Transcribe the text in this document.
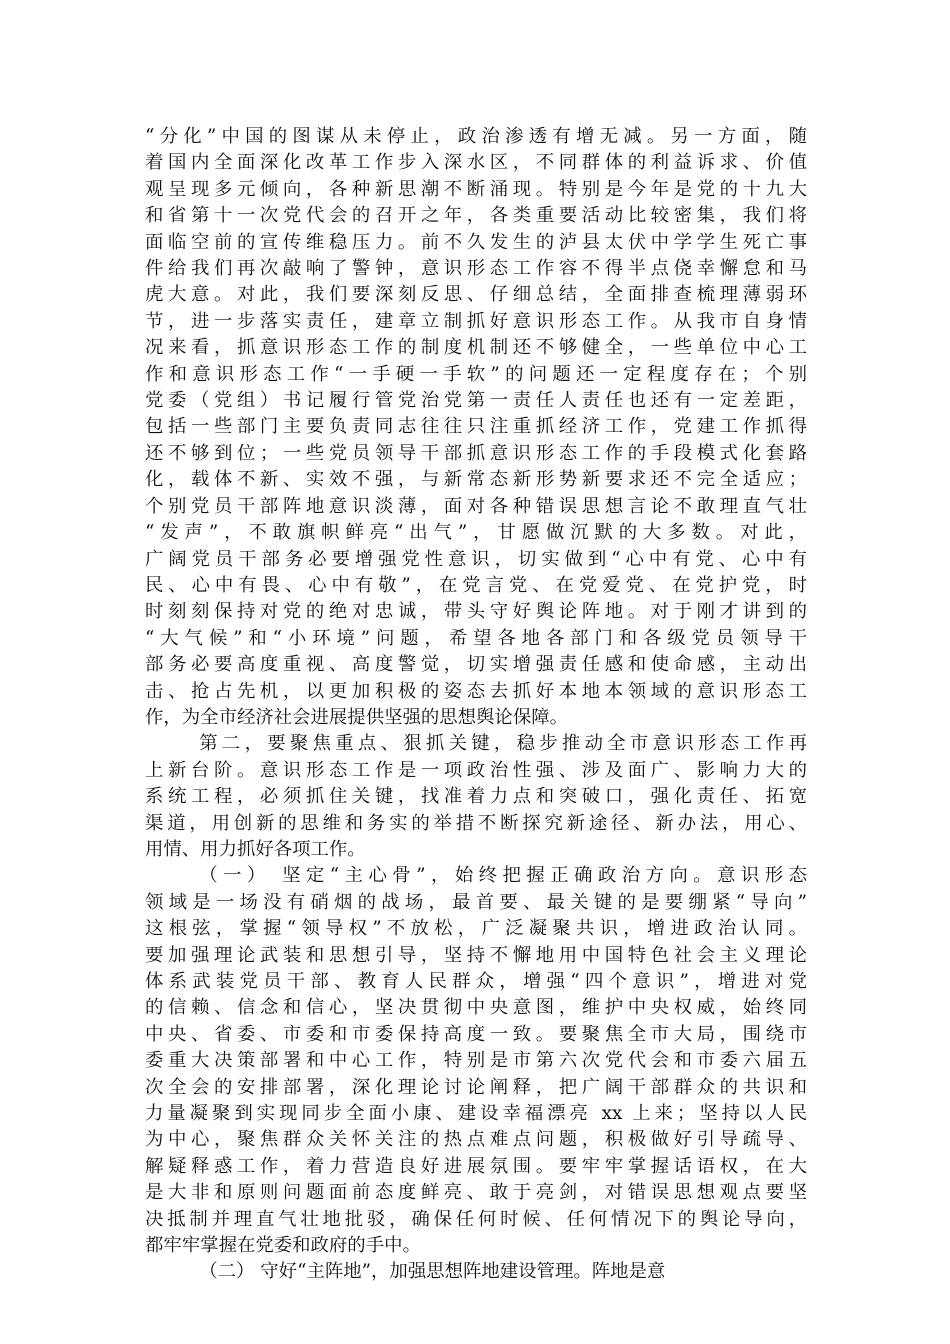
“分化”中国的图谋从未停止，政治渗透有增无减。另一方面，随
着国内全面深化改革工作步入深水区，不同群体的利益诉求、价值
观呈现多元倾向，各种新思潮不断涌现。特别是今年是党的十九大
和省第十一次党代会的召开之年，各类重要活动比较密集，我们将
面临空前的宣传维稳压力。前不久发生的泸县太伏中学学生死亡事
件给我们再次敲响了警钟，意识形态工作容不得半点侥幸懈怠和马
虎大意。对此，我们要深刻反思、仔细总结，全面排查梳理薄弱环
节，进一步落实责任，建章立制抓好意识形态工作。从我市自身情
况来看，抓意识形态工作的制度机制还不够健全，一些单位中心工
作和意识形态工作“一手硬一手软”的问题还一定程度存在；个别
党委（党组）书记履行管党治党第一责任人责任也还有一定差距，
包括一些部门主要负责同志往往只注重抓经济工作，党建工作抓得
还不够到位；一些党员领导干部抓意识形态工作的手段模式化套路
化，载体不新、实效不强，与新常态新形势新要求还不完全适应；
个别党员干部阵地意识淡薄，面对各种错误思想言论不敢理直气壮
“发声”，不敢旗帜鲜亮“出气”，甘愿做沉默的大多数。对此，
广阔党员干部务必要增强党性意识，切实做到“心中有党、心中有
民、心中有畏、心中有敬”，在党言党、在党爱党、在党护党，时
时刻刻保持对党的绝对忠诚，带头守好舆论阵地。对于刚才讲到的
“大气候”和“小环境”问题，希望各地各部门和各级党员领导干
部务必要高度重视、高度警觉，切实增强责任感和使命感，主动出
击、抢占先机，以更加积极的姿态去抓好本地本领域的意识形态工
作，为全市经济社会进展提供坚强的思想舆论保障。
第二，要聚焦重点、狠抓关键，稳步推动全市意识形态工作再
上新台阶。意识形态工作是一项政治性强、涉及面广、影响力大的
系统工程，必须抓住关键，找准着力点和突破口，强化责任、拓宽
渠道，用创新的思维和务实的举措不断探究新途径、新办法，用心、
用情、用力抓好各项工作。
（一） 坚定“主心骨”，始终把握正确政治方向。意识形态
领域是一场没有硝烟的战场，最首要、最关键的是要绷紧“导向”
这根弦，掌握“领导权”不放松，广泛凝聚共识，增进政治认同。
要加强理论武装和思想引导，坚持不懈地用中国特色社会主义理论
体系武装党员干部、教育人民群众，增强“四个意识”，增进对党
的信赖、信念和信心，坚决贯彻中央意图，维护中央权威，始终同
中央、省委、市委和市委保持高度一致。要聚焦全市大局，围绕市
委重大决策部署和中心工作，特别是市第六次党代会和市委六届五
次全会的安排部署，深化理论讨论阐释，把广阔干部群众的共识和
力量凝聚到实现同步全面小康、建设幸福漂亮 xx 上来；坚持以人民
为中心，聚焦群众关怀关注的热点难点问题，积极做好引导疏导、
解疑释惑工作，着力营造良好进展氛围。要牢牢掌握话语权，在大
是大非和原则问题面前态度鲜亮、敢于亮剑，对错误思想观点要坚
决抵制并理直气壮地批驳，确保任何时候、任何情况下的舆论导向，
都牢牢掌握在党委和政府的手中。
（二） 守好“主阵地”，加强思想阵地建设管理。阵地是意
